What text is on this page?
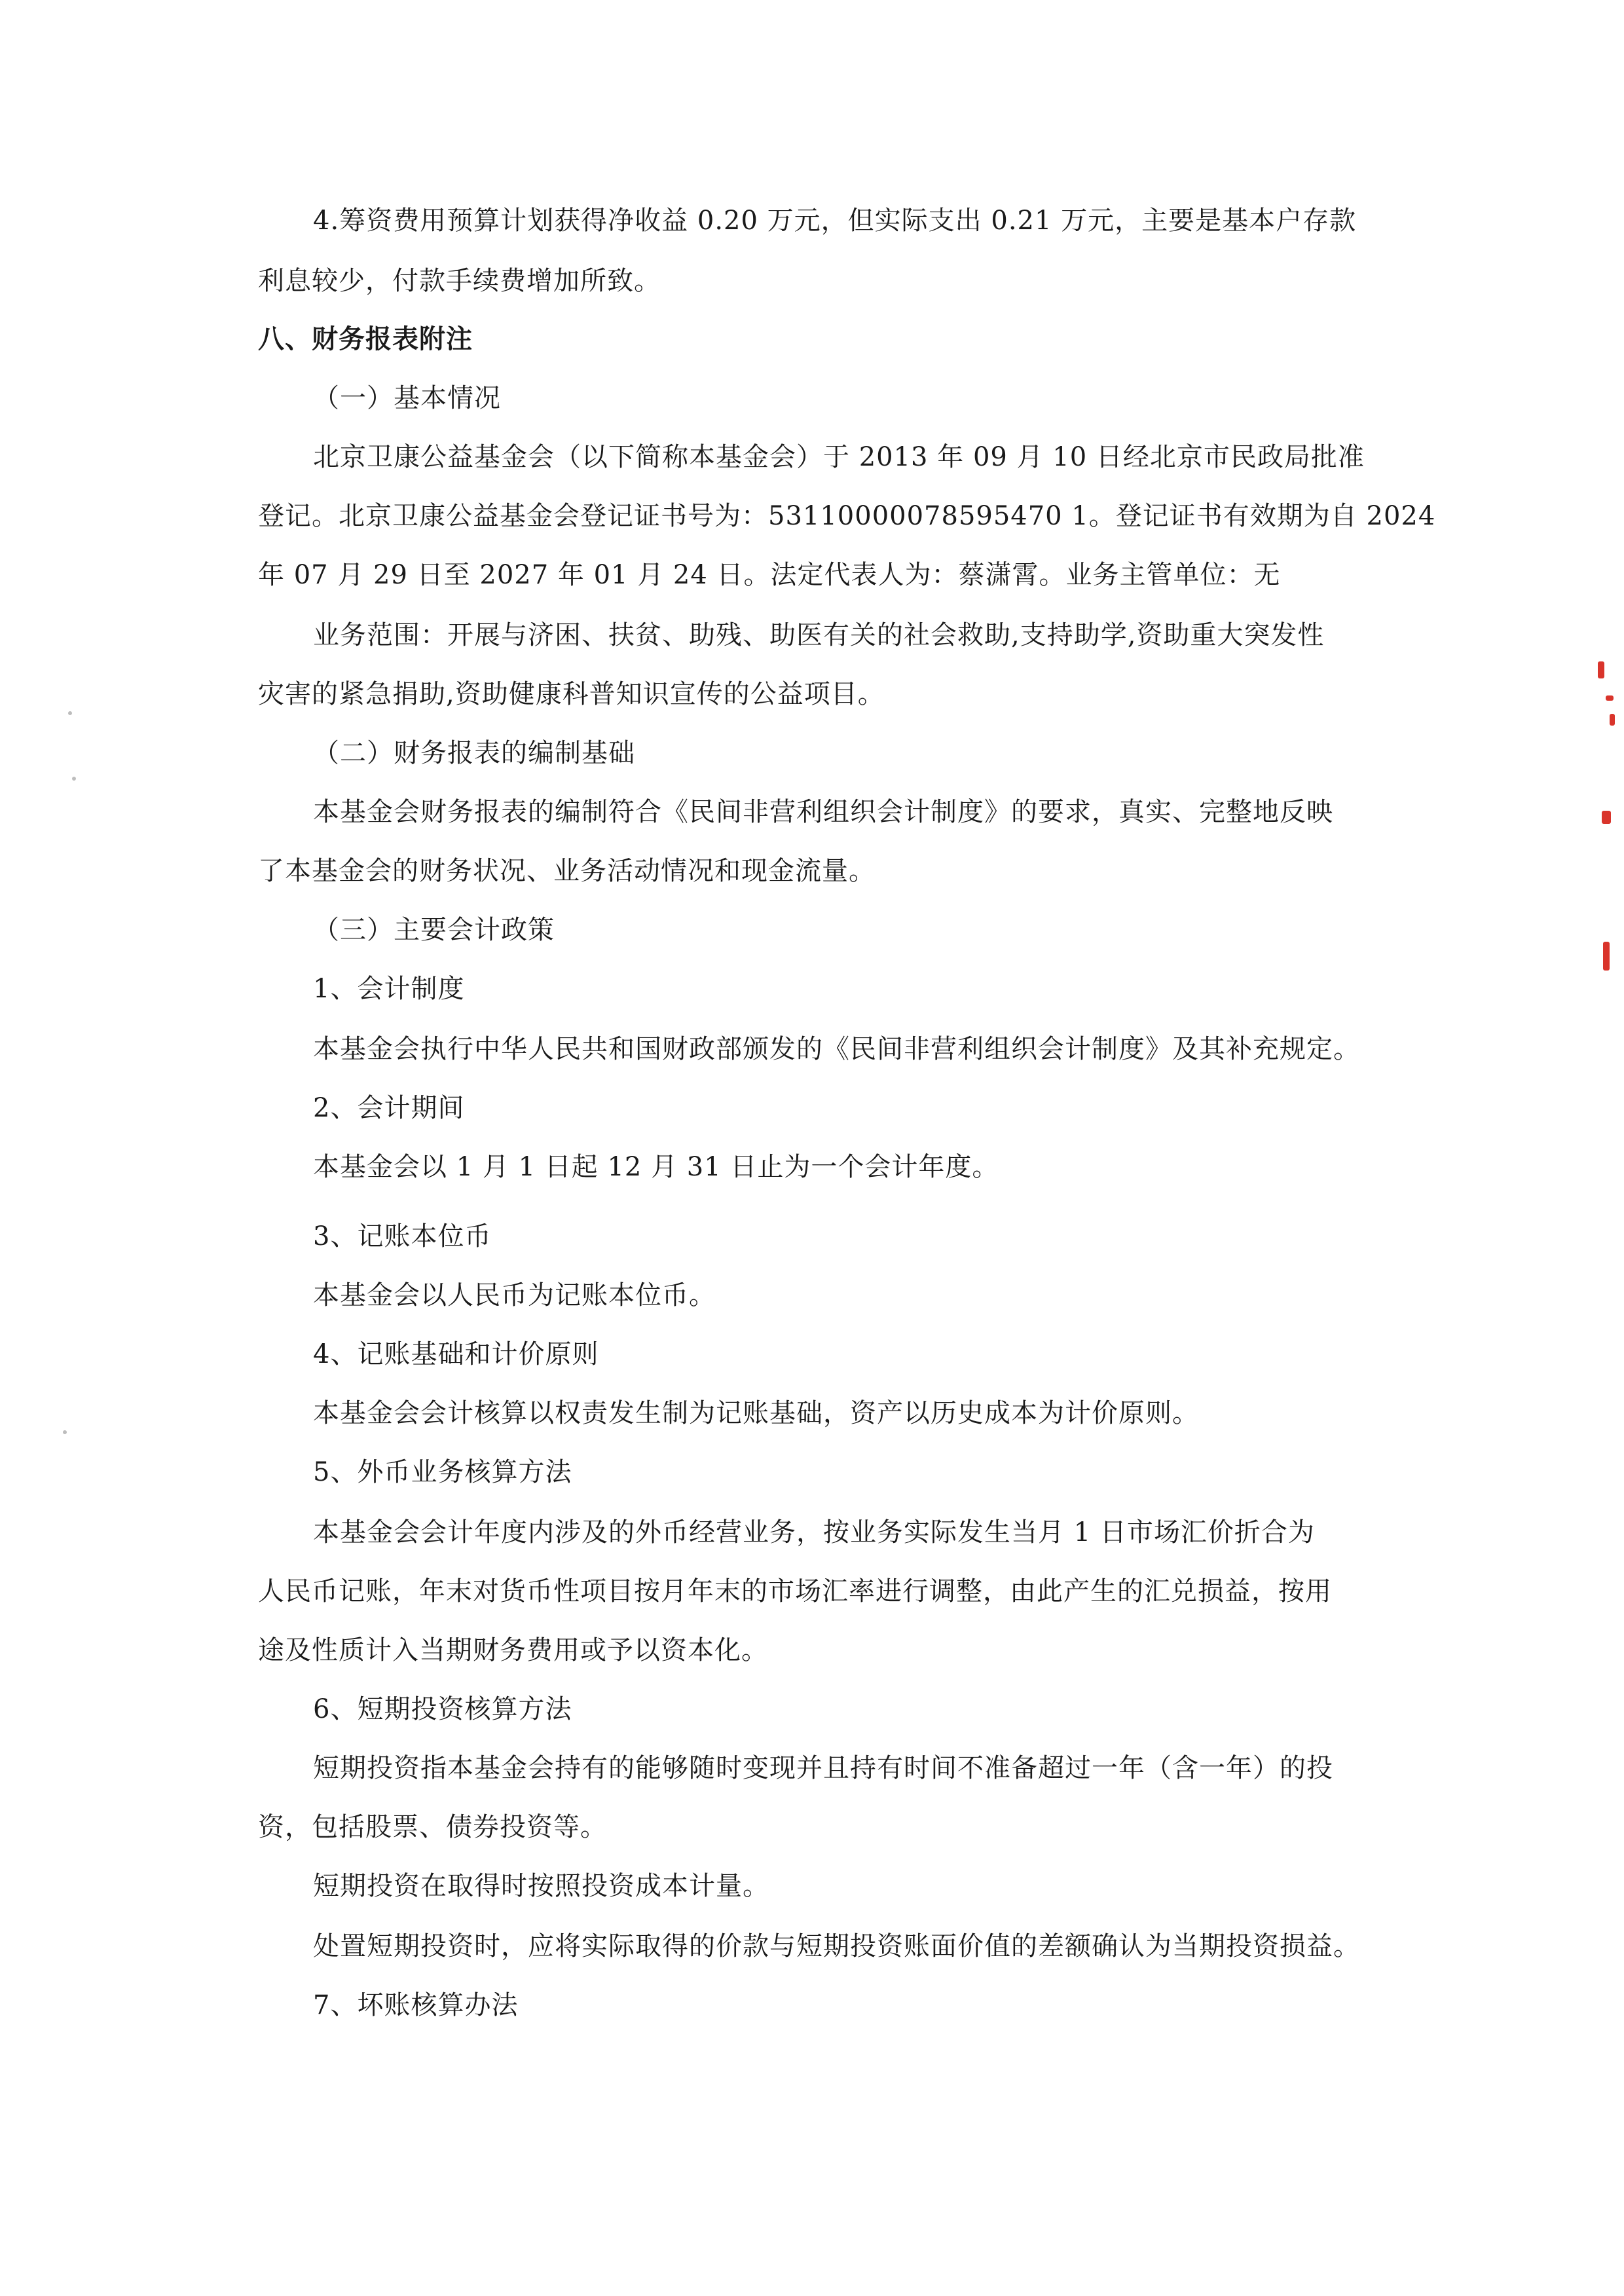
4.筹资费用预算计划获得净收益 0.20 万元，但实际支出 0.21 万元，主要是基本户存款
利息较少，付款手续费增加所致。
八、财务报表附注
（一）基本情况
北京卫康公益基金会（以下简称本基金会）于 2013 年 09 月 10 日经北京市民政局批准
登记。北京卫康公益基金会登记证书号为：53110000078595470 1。登记证书有效期为自 2024
年 07 月 29 日至 2027 年 01 月 24 日。法定代表人为：蔡潇霄。业务主管单位：无
业务范围：开展与济困、扶贫、助残、助医有关的社会救助,支持助学,资助重大突发性
灾害的紧急捐助,资助健康科普知识宣传的公益项目。
（二）财务报表的编制基础
本基金会财务报表的编制符合《民间非营利组织会计制度》的要求，真实、完整地反映
了本基金会的财务状况、业务活动情况和现金流量。
（三）主要会计政策
1、会计制度
本基金会执行中华人民共和国财政部颁发的《民间非营利组织会计制度》及其补充规定。
2、会计期间
本基金会以 1 月 1 日起 12 月 31 日止为一个会计年度。
3、记账本位币
本基金会以人民币为记账本位币。
4、记账基础和计价原则
本基金会会计核算以权责发生制为记账基础，资产以历史成本为计价原则。
5、外币业务核算方法
本基金会会计年度内涉及的外币经营业务，按业务实际发生当月 1 日市场汇价折合为
人民币记账，年末对货币性项目按月年末的市场汇率进行调整，由此产生的汇兑损益，按用
途及性质计入当期财务费用或予以资本化。
6、短期投资核算方法
短期投资指本基金会持有的能够随时变现并且持有时间不准备超过一年（含一年）的投
资，包括股票、债券投资等。
短期投资在取得时按照投资成本计量。
处置短期投资时，应将实际取得的价款与短期投资账面价值的差额确认为当期投资损益。
7、坏账核算办法
